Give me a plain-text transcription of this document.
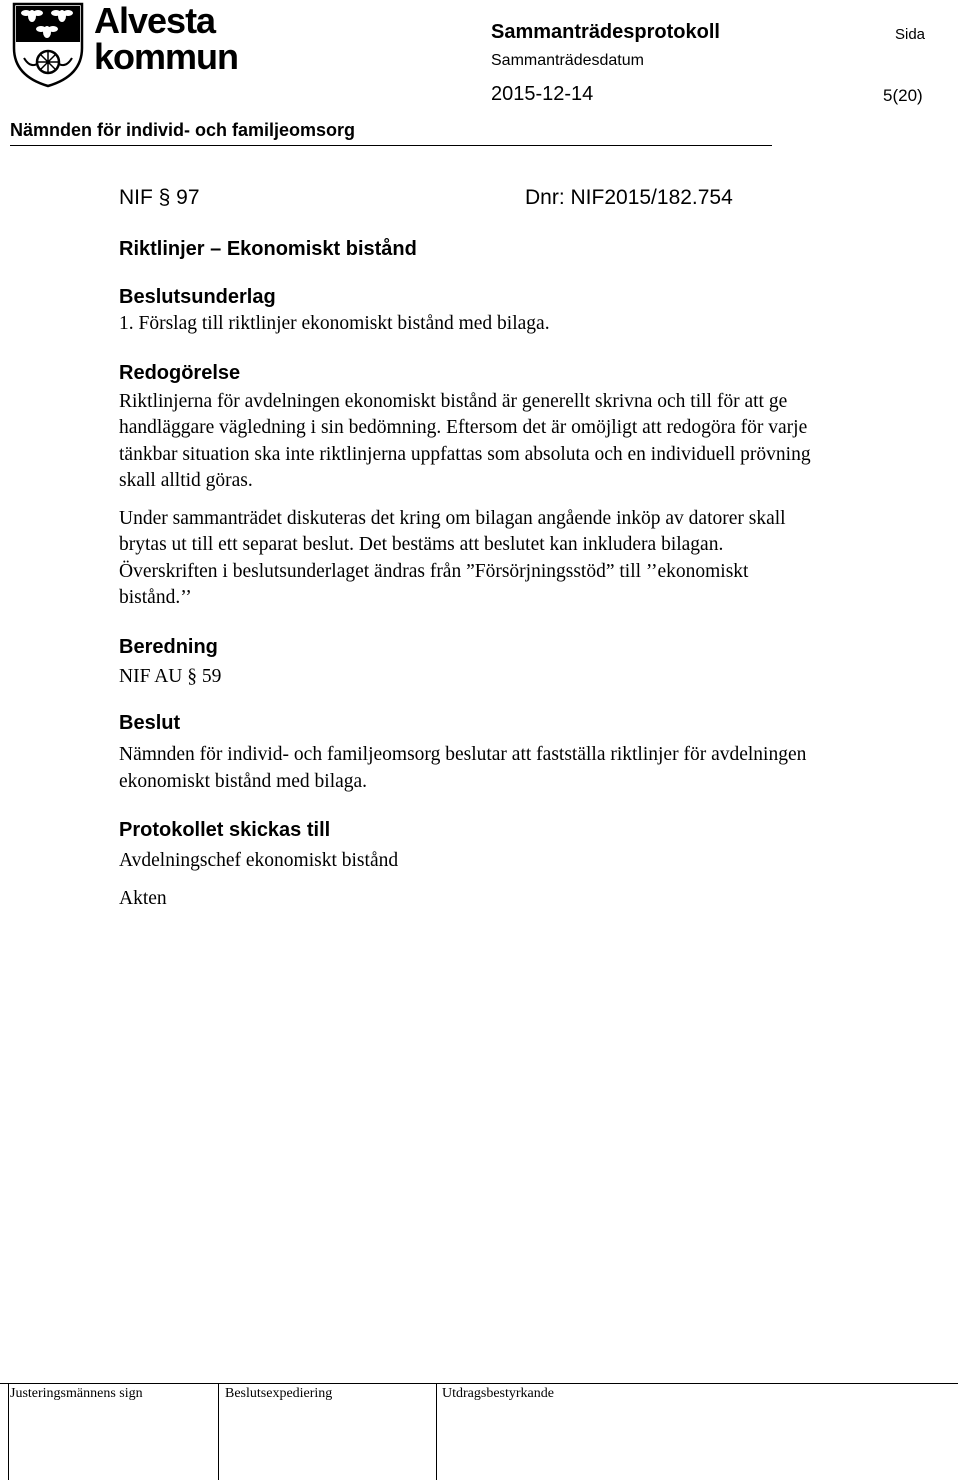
Alvesta
kommun
Sammanträdesprotokoll	Sida
Sammanträdesdatum
2015-12-14	5(20)
Nämnden för individ- och familjeomsorg
NIF § 97	Dnr: NIF2015/182.754
Riktlinjer – Ekonomiskt bistånd
Beslutsunderlag

1. Förslag till riktlinjer ekonomiskt bistånd med bilaga.

Redogörelse

Riktlinjerna för avdelningen ekonomiskt bistånd är generellt skrivna och till för att ge handläggare vägledning i sin bedömning. Eftersom det är omöjligt att redogöra för varje tänkbar situation ska inte riktlinjerna uppfattas som absoluta och en individuell prövning skall alltid göras.

Under sammanträdet diskuteras det kring om bilagan angående inköp av datorer skall brytas ut till ett separat beslut. Det bestäms att beslutet kan inkludera bilagan. Överskriften i beslutsunderlaget ändras från ”Försörjningsstöd” till ’’ekonomiskt bistånd.’’

Beredning

NIF AU § 59

Beslut

Nämnden för individ- och familjeomsorg beslutar att fastställa riktlinjer för avdelningen ekonomiskt bistånd med bilaga.

Protokollet skickas till

Avdelningschef ekonomiskt bistånd

Akten

Justeringsmännens sign	Beslutsexpediering	Utdragsbestyrkande
